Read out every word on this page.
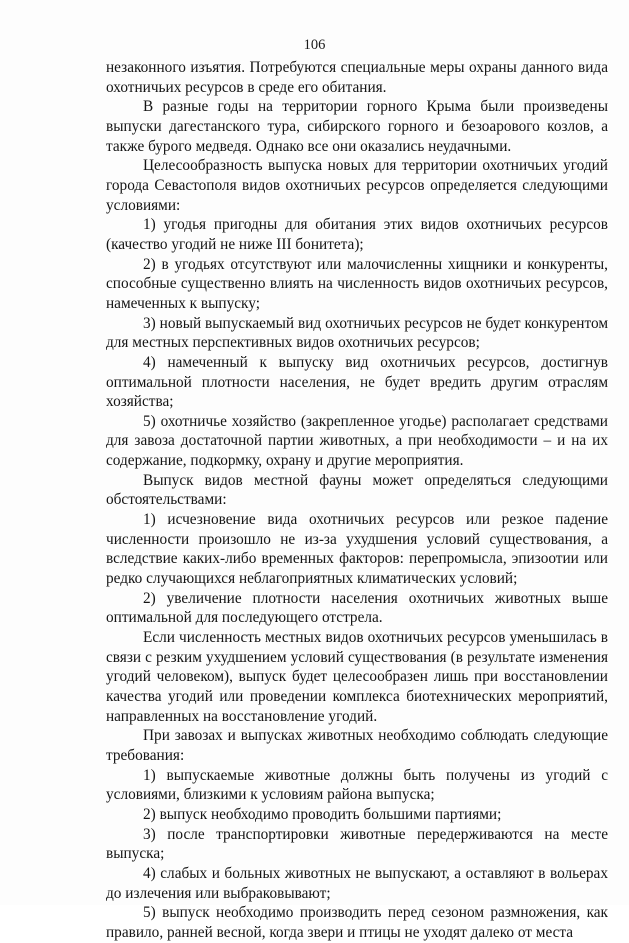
106

незаконного изъятия. Потребуются специальные меры охраны данного вида охотничьих ресурсов в среде его обитания.

В разные годы на территории горного Крыма были произведены выпуски дагестанского тура, сибирского горного и безоарового козлов, а также бурого медведя. Однако все они оказались неудачными.

Целесообразность выпуска новых для территории охотничьих угодий города Севастополя видов охотничьих ресурсов определяется следующими условиями:

1) угодья пригодны для обитания этих видов охотничьих ресурсов (качество угодий не ниже III бонитета);

2) в угодьях отсутствуют или малочисленны хищники и конкуренты, способные существенно влиять на численность видов охотничьих ресурсов, намеченных к выпуску;

3) новый выпускаемый вид охотничьих ресурсов не будет конкурентом для местных перспективных видов охотничьих ресурсов;

4) намеченный к выпуску вид охотничьих ресурсов, достигнув оптимальной плотности населения, не будет вредить другим отраслям хозяйства;

5) охотничье хозяйство (закрепленное угодье) располагает средствами для завоза достаточной партии животных, а при необходимости – и на их содержание, подкормку, охрану и другие мероприятия.

Выпуск видов местной фауны может определяться следующими обстоятельствами:

1) исчезновение вида охотничьих ресурсов или резкое падение численности произошло не из-за ухудшения условий существования, а вследствие каких-либо временных факторов: перепромысла, эпизоотии или редко случающихся неблагоприятных климатических условий;

2) увеличение плотности населения охотничьих животных выше оптимальной для последующего отстрела.

Если численность местных видов охотничьих ресурсов уменьшилась в связи с резким ухудшением условий существования (в результате изменения угодий человеком), выпуск будет целесообразен лишь при восстановлении качества угодий или проведении комплекса биотехнических мероприятий, направленных на восстановление угодий.

При завозах и выпусках животных необходимо соблюдать следующие требования:

1) выпускаемые животные должны быть получены из угодий с условиями, близкими к условиям района выпуска;

2) выпуск необходимо проводить большими партиями;

3) после транспортировки животные передерживаются на месте выпуска;

4) слабых и больных животных не выпускают, а оставляют в вольерах до излечения или выбраковывают;

5) выпуск необходимо производить перед сезоном размножения, как правило, ранней весной, когда звери и птицы не уходят далеко от места
